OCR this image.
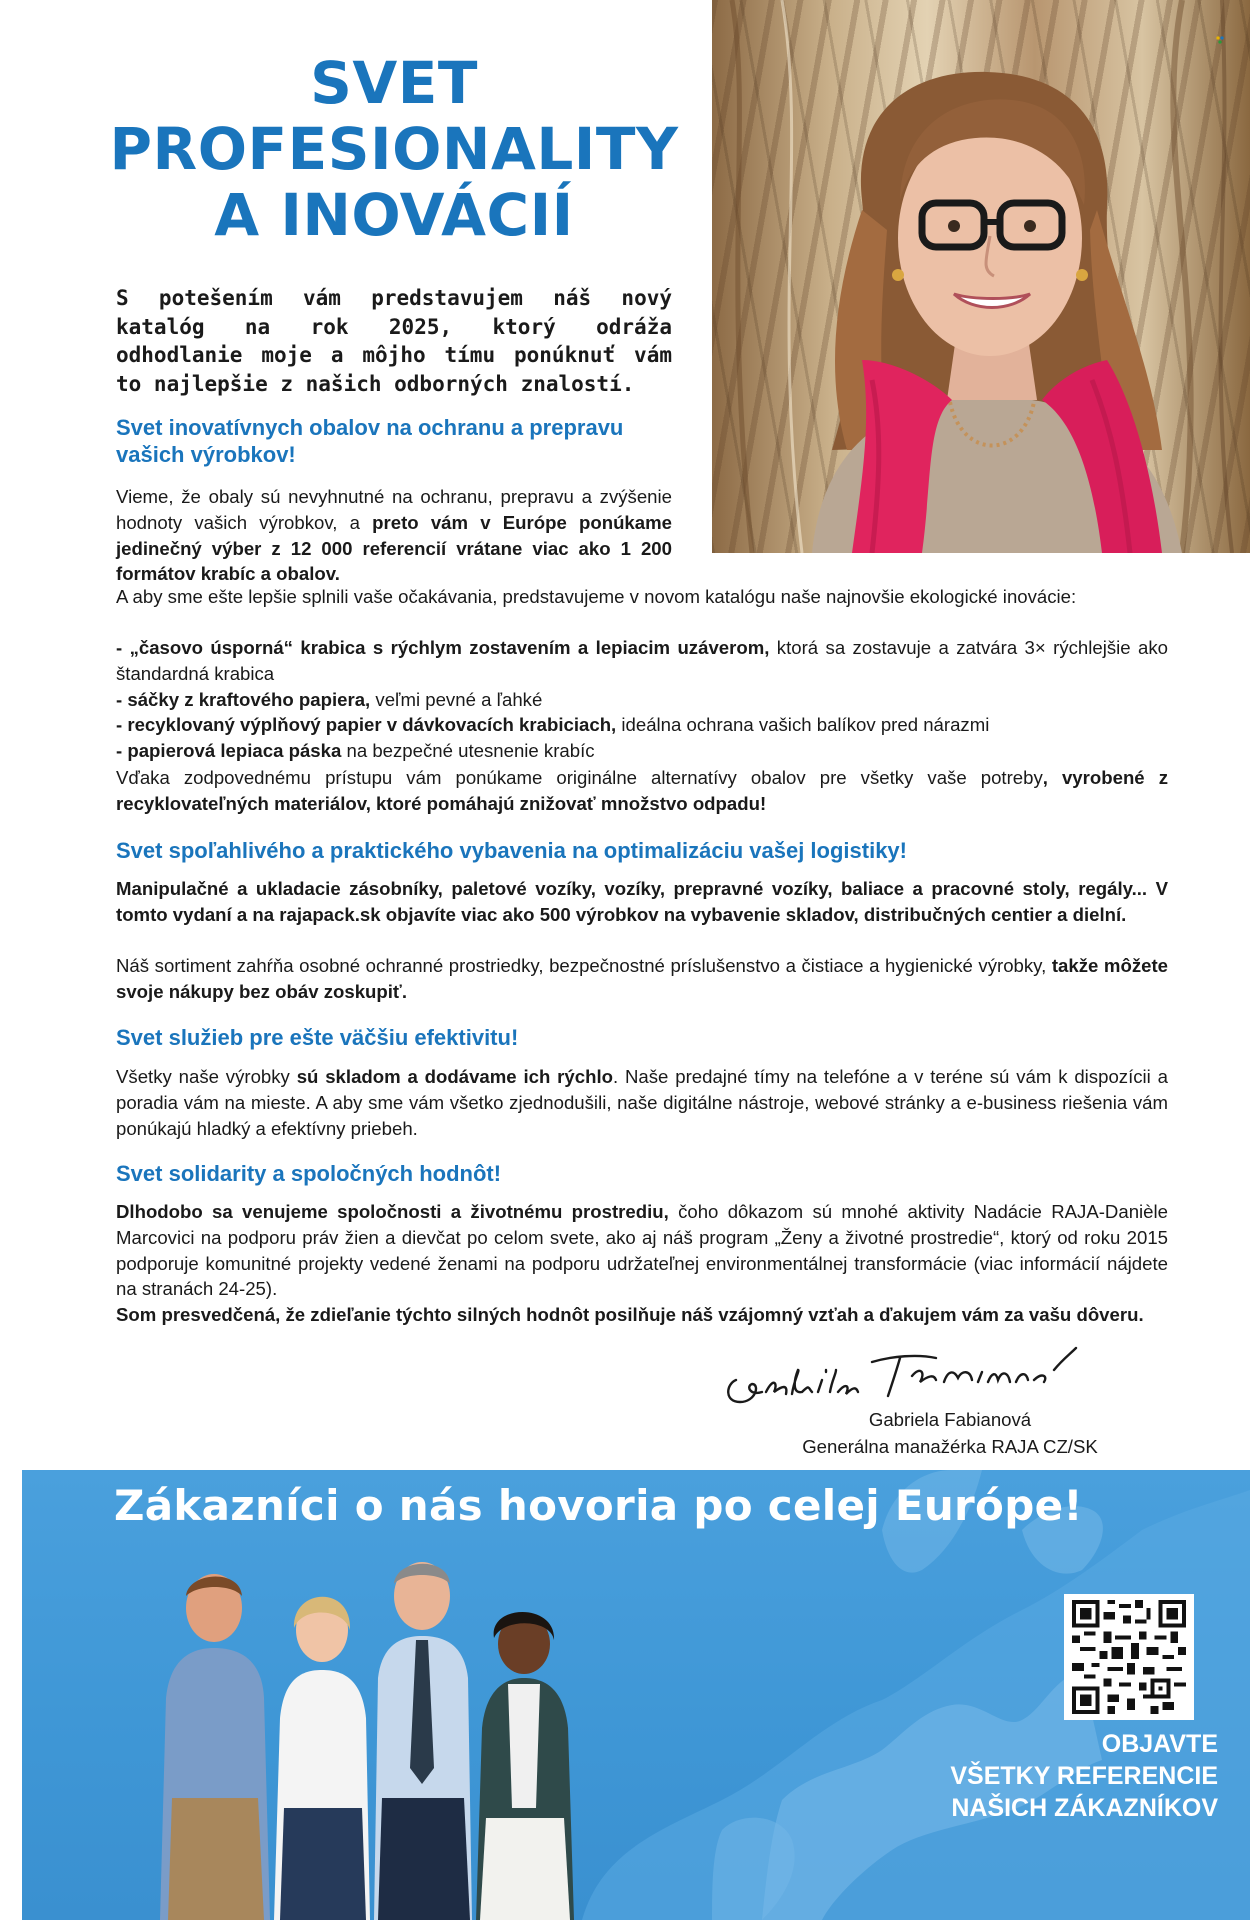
SVET
PROFESIONALITY
A INOVÁCIÍ

S potešením vám predstavujem náš nový katalóg na rok 2025, ktorý odráža odhodlanie moje a môjho tímu ponúknuť vám to najlepšie z našich odborných znalostí.

Svet inovatívnych obalov na ochranu a prepravu vašich výrobkov!

Vieme, že obaly sú nevyhnutné na ochranu, prepravu a zvýšenie hodnoty vašich výrobkov, a preto vám v Európe ponúkame jedinečný výber z 12 000 referencií vrátane viac ako 1 200 formátov krabíc a obalov.

A aby sme ešte lepšie splnili vaše očakávania, predstavujeme v novom katalógu naše najnovšie ekologické inovácie:

- „časovo úsporná“ krabica s rýchlym zostavením a lepiacim uzáverom, ktorá sa zostavuje a zatvára 3× rýchlejšie ako štandardná krabica
- sáčky z kraftového papiera, veľmi pevné a ľahké
- recyklovaný výplňový papier v dávkovacích krabiciach, ideálna ochrana vašich balíkov pred nárazmi
- papierová lepiaca páska na bezpečné utesnenie krabíc

Vďaka zodpovednému prístupu vám ponúkame originálne alternatívy obalov pre všetky vaše potreby, vyrobené z recyklovateľných materiálov, ktoré pomáhajú znižovať množstvo odpadu!

Svet spoľahlivého a praktického vybavenia na optimalizáciu vašej logistiky!

Manipulačné a ukladacie zásobníky, paletové vozíky, vozíky, prepravné vozíky, baliace a pracovné stoly, regály... V tomto vydaní a na rajapack.sk objavíte viac ako 500 výrobkov na vybavenie skladov, distribučných centier a dielní.

Náš sortiment zahŕňa osobné ochranné prostriedky, bezpečnostné príslušenstvo a čistiace a hygienické výrobky, takže môžete svoje nákupy bez obáv zoskupiť.

Svet služieb pre ešte väčšiu efektivitu!

Všetky naše výrobky sú skladom a dodávame ich rýchlo. Naše predajné tímy na telefóne a v teréne sú vám k dispozícii a poradia vám na mieste. A aby sme vám všetko zjednodušili, naše digitálne nástroje, webové stránky a e-business riešenia vám ponúkajú hladký a efektívny priebeh.

Svet solidarity a spoločných hodnôt!

Dlhodobo sa venujeme spoločnosti a životnému prostrediu, čoho dôkazom sú mnohé aktivity Nadácie RAJA-Danièle Marcovici na podporu práv žien a dievčat po celom svete, ako aj náš program „Ženy a životné prostredie“, ktorý od roku 2015 podporuje komunitné projekty vedené ženami na podporu udržateľnej environmentálnej transformácie (viac informácií nájdete na stranách 24-25).

Som presvedčená, že zdieľanie týchto silných hodnôt posilňuje náš vzájomný vzťah a ďakujem vám za vašu dôveru.

Gabriela Fabianová
Generálna manažérka RAJA CZ/SK
Zákazníci o nás hovoria po celej Európe!
OBJAVTE
VŠETKY REFERENCIE
NAŠICH ZÁKAZNÍKOV
